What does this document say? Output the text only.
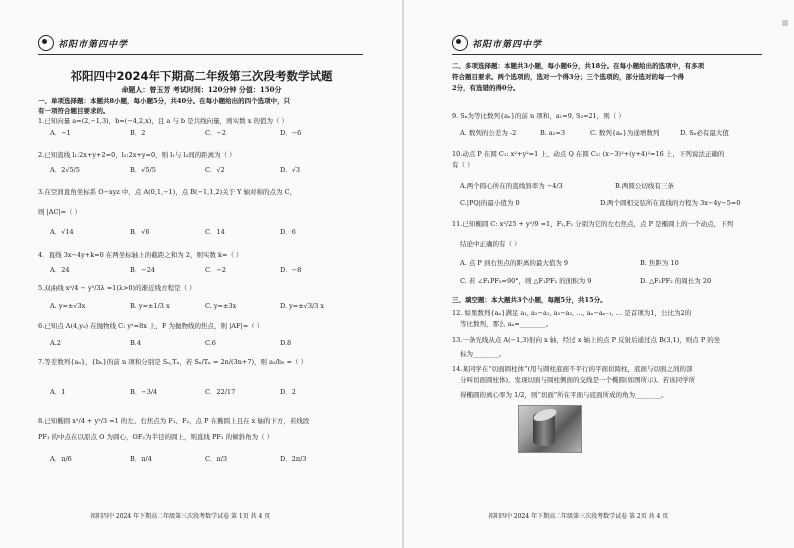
祁阳市第四中学
祁阳四中2024年下期高二年级第三次段考数学试题
命题人：曾玉芳 考试时间：120分钟 分值：150分
一、单项选择题：本题共8小题，每小题5分，共40分。在每小题给出的四个选项中，只
有一项符合题目要求的。
1.已知向量 a=(2,−1,3)，b=(−4,2,x)，且 a 与 b 是共线向量，则实数 x 的值为（ ）
2.已知直线 l₁:2x+y+2=0，l₂:2x+y=0，则 l₁与 l₂间的距离为（ ）
3.在空间直角坐标系 O−xyz 中，点 A(0,1,−1)，点 B(−1,1,2)关于 Y 轴对称的点为 C，
则 |AC|=（ ）
4．直线 3x−4y+k=0 在两坐标轴上的截距之和为 2，则实数 k=（ ）
5.双曲线 x²/4 − y²/3λ =1(λ>0)的渐近线方程是（ ）
6.已知点 A(4,y₀) 在抛物线 C: y²=8x 上，F 为抛物线的焦点，则 |AF|=（ ）
7.等差数列{aₙ}，{bₙ}的前 n 项和分别是 Sₙ,Tₙ，若 Sₙ/Tₙ = 2n/(3n+7)，则 a₅/b₅ =（ ）
8.已知椭圆 x²/4 + y²/3 =1 的左、右焦点为 F₁、F₂，点 P 在椭圆上且在 x 轴的下方，若线段
PF₁ 的中点在以原点 O 为圆心，OF₂为半径的圆上，则直线 PF₁ 的倾斜角为（ ）
A．−1	B．2	C．−2	D．−6
A．2√5/5	B．√5/5	C．√2	D．√3
A．√14	B．√6	C．14	D．6
A．24	B．−24	C．−2	D．−8
A. y=±√3x	B. y=±1/3 x	C. y=±3x	D. y=±√3/3 x
A.2	B.4	C.6	D.8
A．1	B．−3/4	C．22/17	D．2
A．π/6	B．π/4	C．π/3	D．2π/3
祁阳四中 2024 年下期高二年级第三次段考数学试卷 第 1页 共 4 页
祁阳市第四中学
二、多项选择题：本题共3小题，每小题6分，共18分。在每小题给出的选项中，有多项
符合题目要求。两个选项的，选对一个得3分；三个选项的，部分选对的每一个得
2分，有选错的得0分。
9. Sₙ为等比数列{aₙ}的前 n 项和，a₁=9, S₃=21，则（ ）
A. 数列的公差为 -2	B. a₂=3	C. 数列{aₙ}为递增数列	D. Sₙ必有最大值
10.动点 P 在圆 C₁: x²+y²=1 上，动点 Q 在圆 C₂: (x−3)²+(y+4)²=16 上，下列说法正确的
有（ ）
A.两个圆心所在的直线斜率为 −4/3	B.两圆公切线有三条
C.|PQ|的最小值为 0	D.两个圆相交弦所在直线的方程为 3x−4y−5=0
11.已知椭圆 C: x²/25 + y²/9 =1，F₁,F₂ 分别为它的左右焦点，点 P 是椭圆上的一个动点，下列
结论中正确的有（ ）
A. 点 P 到右焦点的距离的最大值为 9	B. 焦距为 10
C. 若 ∠F₁PF₂=90°，则 △F₁PF₂ 的面积为 9	D. △F₁PF₂ 的周长为 20
三、填空题：本大题共3个小题，每题5分，共15分。
12. 如果数列{aₙ}满足 a₁, a₂−a₁, a₃−a₂, …, aₙ−aₙ₋₁, … 是首项为1，公比为2的
等比数列，那么 aₙ=________。
13.一条光线从点 A(−1,3)射向 x 轴，经过 x 轴上的点 P 反射后通过点 B(3,1)，则点 P 的坐
标为________。
14.某同学在“切面圆柱体”(用与圆柱底面不平行的平面切圆柱，底面与切面之间的部
分叫切面圆柱体)，发现切面与圆柱侧面的交线是一个椭圆(如图所示)。若该同学所
得椭圆的离心率为 1/2，则“切面”所在平面与底面所成的角为________。
祁阳四中 2024 年下期高二年级第三次段考数学试卷 第 2页 共 4 页
